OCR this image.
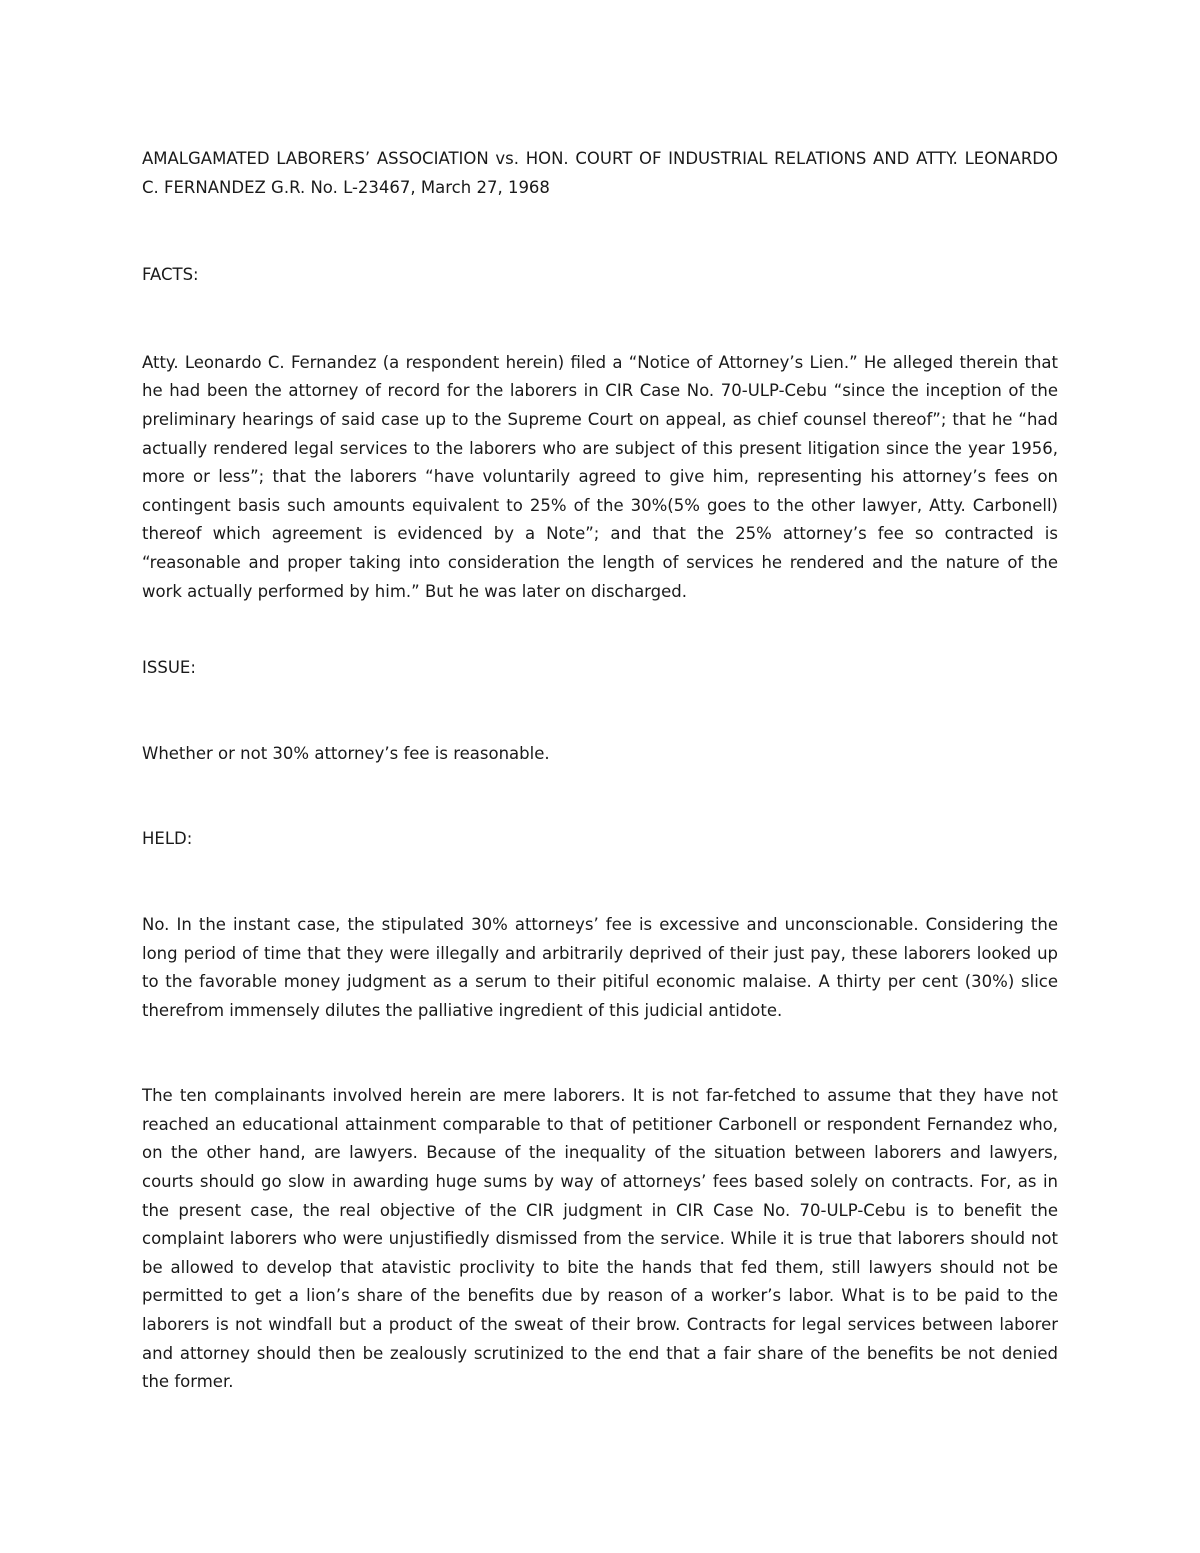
AMALGAMATED LABORERS’ ASSOCIATION vs. HON. COURT OF INDUSTRIAL RELATIONS AND ATTY. LEONARDO C. FERNANDEZ G.R. No. L-23467, March 27, 1968

FACTS:

Atty. Leonardo C. Fernandez (a respondent herein) filed a “Notice of Attorney’s Lien.” He alleged therein that he had been the attorney of record for the laborers in CIR Case No. 70-ULP-Cebu “since the inception of the preliminary hearings of said case up to the Supreme Court on appeal, as chief counsel thereof”; that he “had actually rendered legal services to the laborers who are subject of this present litigation since the year 1956, more or less”; that the laborers “have voluntarily agreed to give him, representing his attorney’s fees on contingent basis such amounts equivalent to 25% of the 30%(5% goes to the other lawyer, Atty. Carbonell) thereof which agreement is evidenced by a Note”; and that the 25% attorney’s fee so contracted is “reasonable and proper taking into consideration the length of services he rendered and the nature of the work actually performed by him.” But he was later on discharged.

ISSUE:

Whether or not 30% attorney’s fee is reasonable.

HELD:

No. In the instant case, the stipulated 30% attorneys’ fee is excessive and unconscionable. Considering the long period of time that they were illegally and arbitrarily deprived of their just pay, these laborers looked up to the favorable money judgment as a serum to their pitiful economic malaise. A thirty per cent (30%) slice therefrom immensely dilutes the palliative ingredient of this judicial antidote.

The ten complainants involved herein are mere laborers. It is not far-fetched to assume that they have not reached an educational attainment comparable to that of petitioner Carbonell or respondent Fernandez who, on the other hand, are lawyers. Because of the inequality of the situation between laborers and lawyers, courts should go slow in awarding huge sums by way of attorneys’ fees based solely on contracts. For, as in the present case, the real objective of the CIR judgment in CIR Case No. 70-ULP-Cebu is to benefit the complaint laborers who were unjustifiedly dismissed from the service. While it is true that laborers should not be allowed to develop that atavistic proclivity to bite the hands that fed them, still lawyers should not be permitted to get a lion’s share of the benefits due by reason of a worker’s labor. What is to be paid to the laborers is not windfall but a product of the sweat of their brow. Contracts for legal services between laborer and attorney should then be zealously scrutinized to the end that a fair share of the benefits be not denied the former.
